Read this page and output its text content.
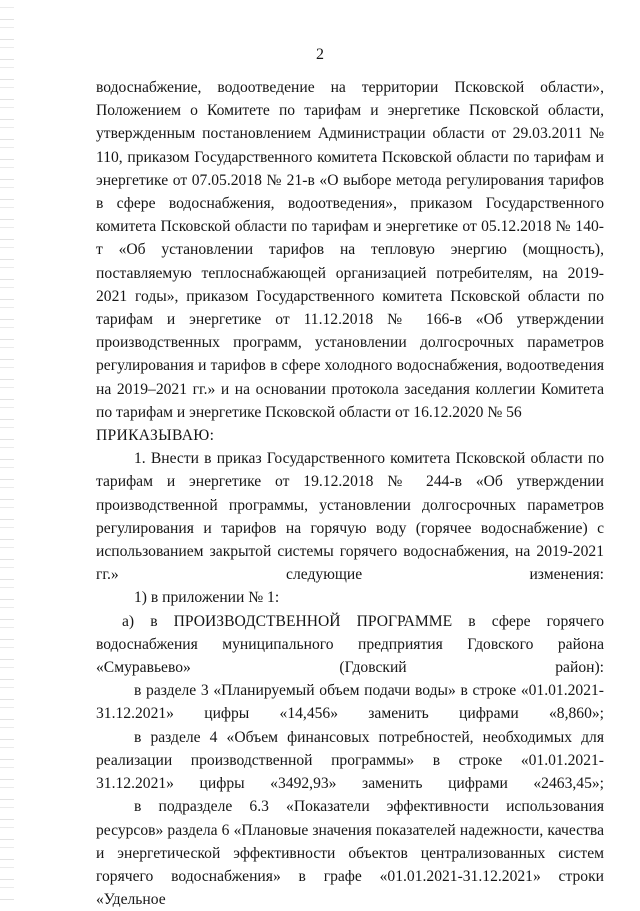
2

водоснабжение, водоотведение на территории Псковской области», Положением о Комитете по тарифам и энергетике Псковской области, утвержденным постановлением Администрации области от 29.03.2011 № 110, приказом Государственного комитета Псковской области по тарифам и энергетике от 07.05.2018 № 21-в «О выборе метода регулирования тарифов в сфере водоснабжения, водоотведения», приказом Государственного комитета Псковской области по тарифам и энергетике от 05.12.2018 № 140-т «Об установлении тарифов на тепловую энергию (мощность), поставляемую теплоснабжающей организацией потребителям, на 2019-2021 годы», приказом Государственного комитета Псковской области по тарифам и энергетике от 11.12.2018 № 166-в «Об утверждении производственных программ, установлении долгосрочных параметров регулирования и тарифов в сфере холодного водоснабжения, водоотведения на 2019–2021 гг.» и на основании протокола заседания коллегии Комитета по тарифам и энергетике Псковской области от 16.12.2020 № 56

ПРИКАЗЫВАЮ:

1. Внести в приказ Государственного комитета Псковской области по тарифам и энергетике от 19.12.2018 № 244-в «Об утверждении производственной программы, установлении долгосрочных параметров регулирования и тарифов на горячую воду (горячее водоснабжение) с использованием закрытой системы горячего водоснабжения, на 2019-2021 гг.» следующие изменения:

1) в приложении № 1:

а) в ПРОИЗВОДСТВЕННОЙ ПРОГРАММЕ в сфере горячего водоснабжения муниципального предприятия Гдовского района «Смуравьево» (Гдовский район):

в разделе 3 «Планируемый объем подачи воды» в строке «01.01.2021-31.12.2021» цифры «14,456» заменить цифрами «8,860»;

в разделе 4 «Объем финансовых потребностей, необходимых для реализации производственной программы» в строке «01.01.2021-31.12.2021» цифры «3492,93» заменить цифрами «2463,45»;

в подразделе 6.3 «Показатели эффективности использования ресурсов» раздела 6 «Плановые значения показателей надежности, качества и энергетической эффективности объектов централизованных систем горячего водоснабжения» в графе «01.01.2021-31.12.2021» строки «Удельное
